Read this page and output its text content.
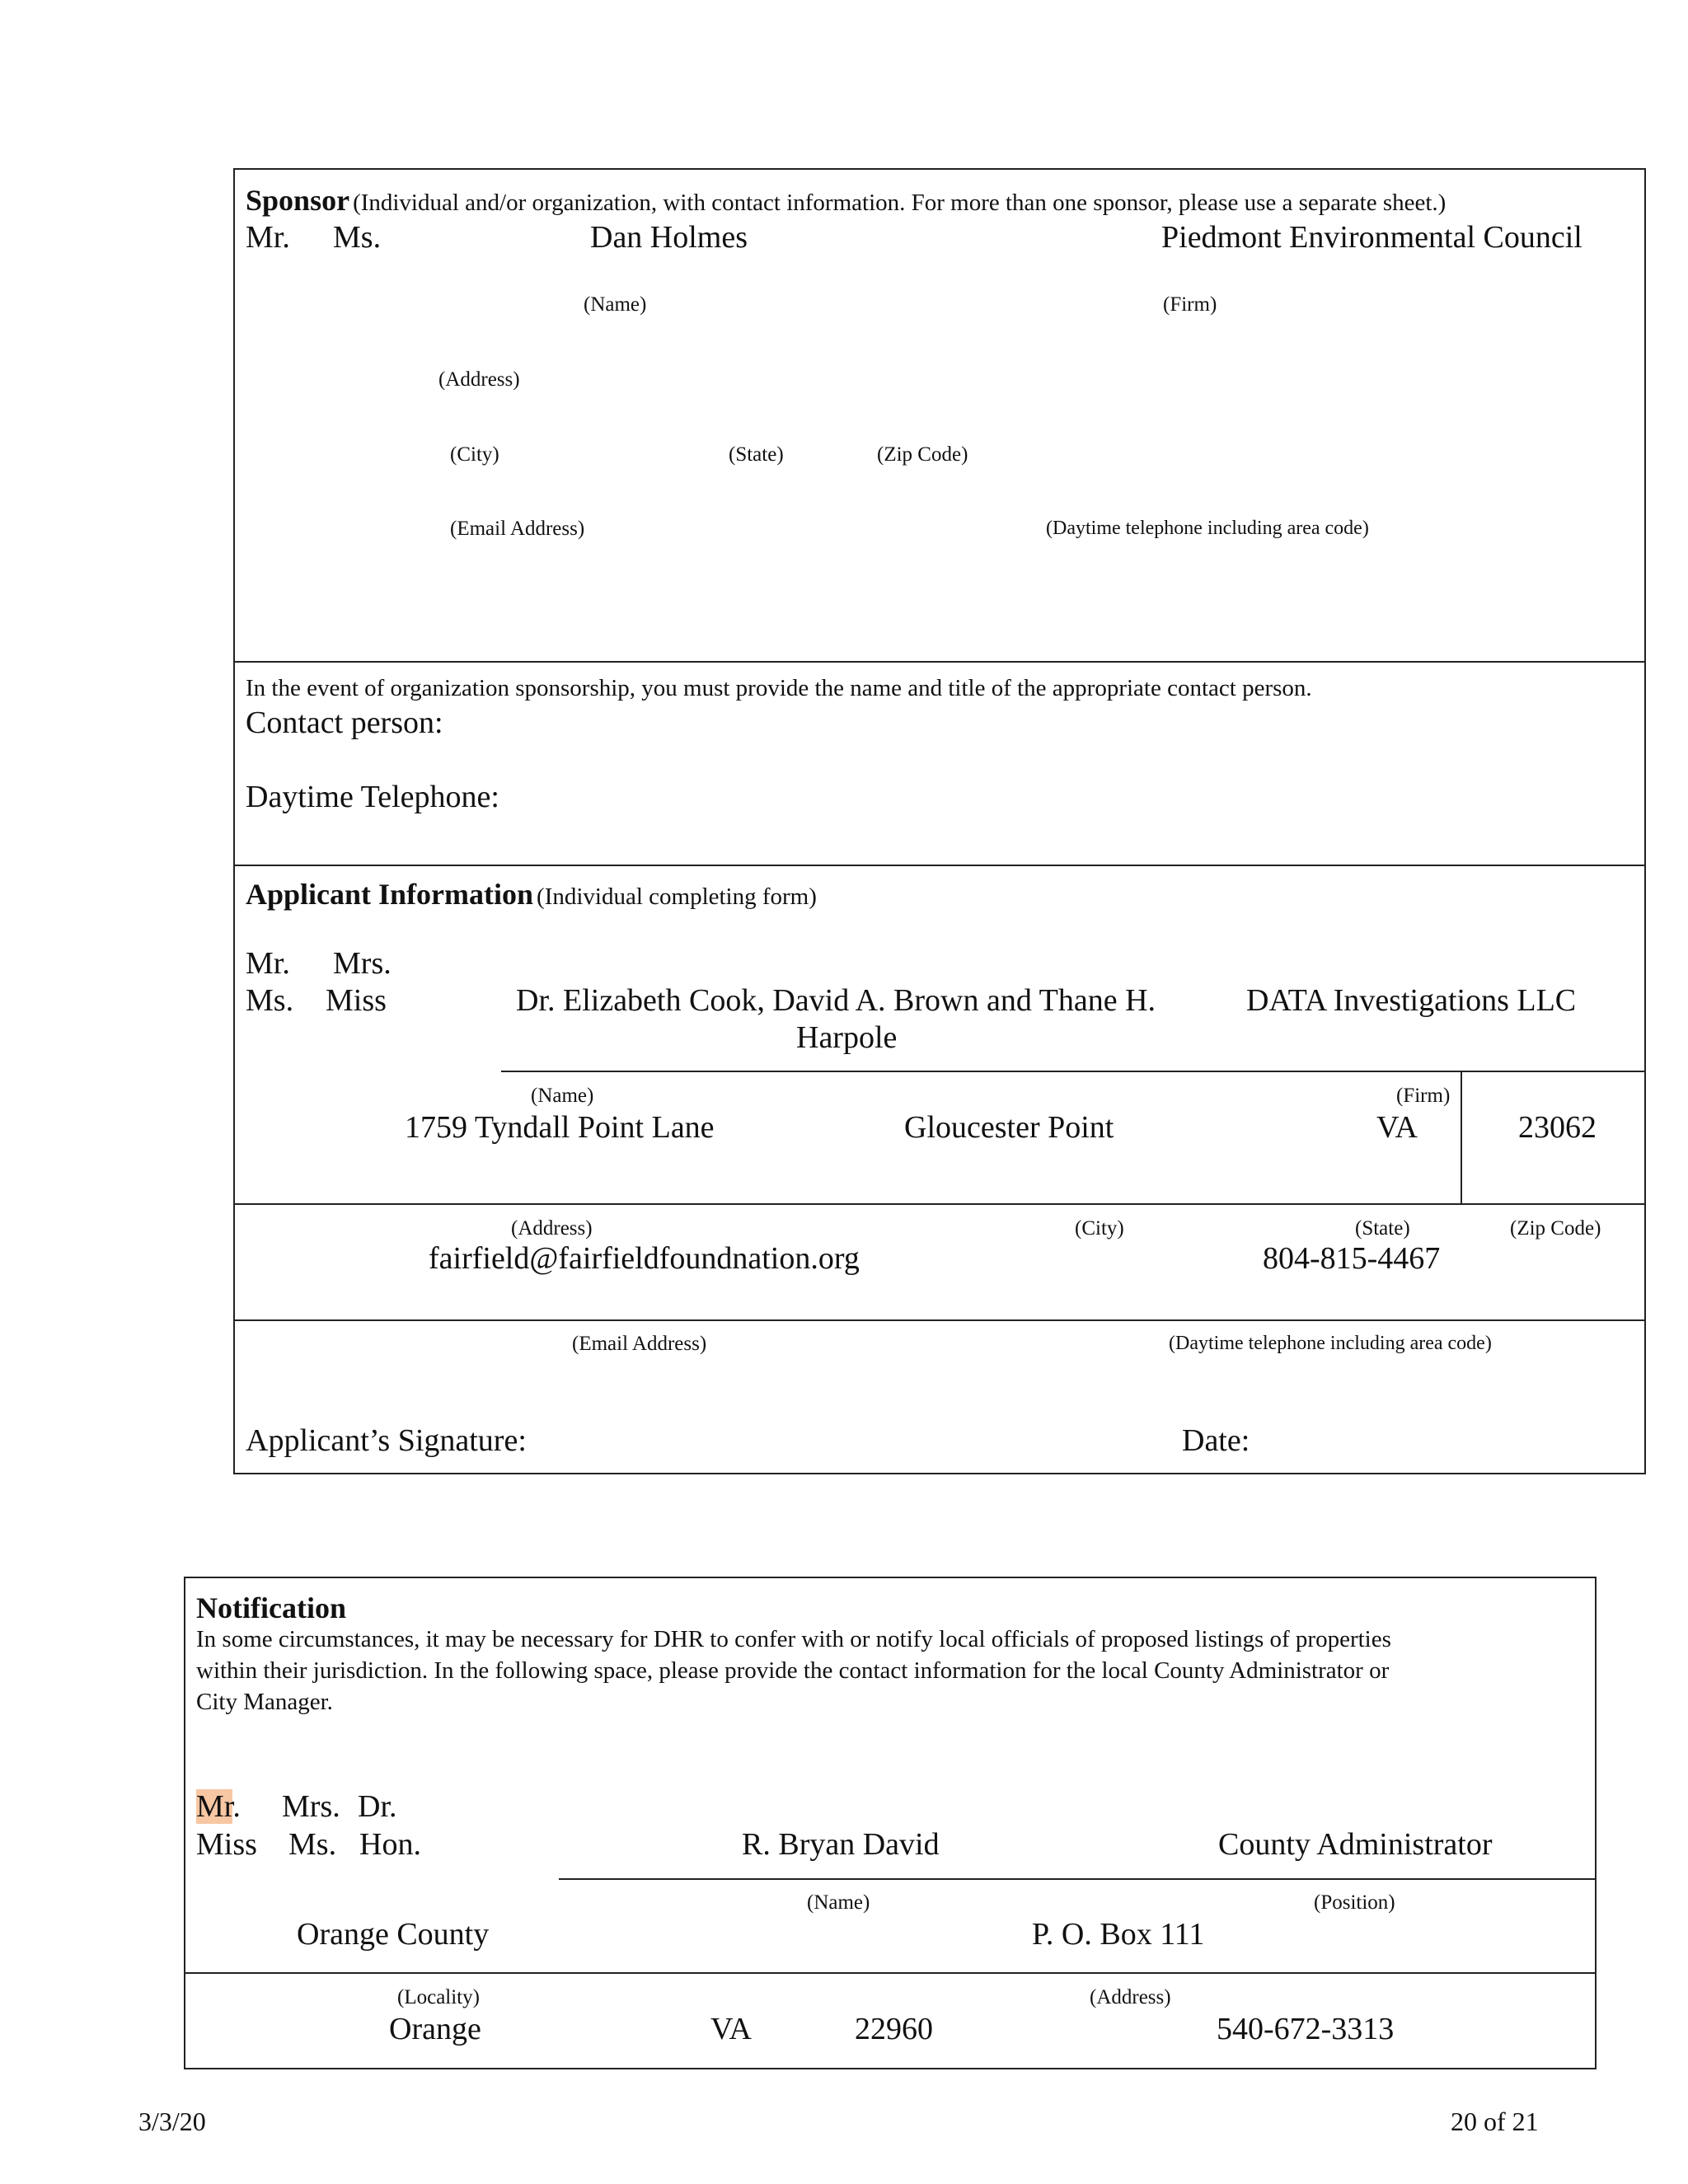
Sponsor (Individual and/or organization, with contact information. For more than one sponsor, please use a separate sheet.)
Mr. Ms.	Dan Holmes	Piedmont Environmental Council
(Name)	(Firm)
(Address)
(City)	(State)	(Zip Code)
(Email Address)	(Daytime telephone including area code)
In the event of organization sponsorship, you must provide the name and title of the appropriate contact person.
Contact person:
Daytime Telephone:
Applicant Information (Individual completing form)
Mr. Mrs.
Ms. Miss	Dr. Elizabeth Cook, David A. Brown and Thane H.
Harpole
DATA Investigations LLC
(Name)	(Firm)
1759 Tyndall Point Lane	Gloucester Point	VA	23062
(Address)	(City)	(State)	(Zip Code)
fairfield@fairfieldfoundnation.org	804-815-4467
(Email Address)	(Daytime telephone including area code)
Applicant’s Signature:	Date:
Notification
In some circumstances, it may be necessary for DHR to confer with or notify local officials of proposed listings of properties
within their jurisdiction. In the following space, please provide the contact information for the local County Administrator or
City Manager.
Mr. Mrs. Dr.
Miss Ms. Hon.	R. Bryan David	County Administrator
(Name)	(Position)
Orange County	P. O. Box 111
(Locality)	(Address)
Orange	VA	22960	540-672-3313
3/3/20	20 of 21
